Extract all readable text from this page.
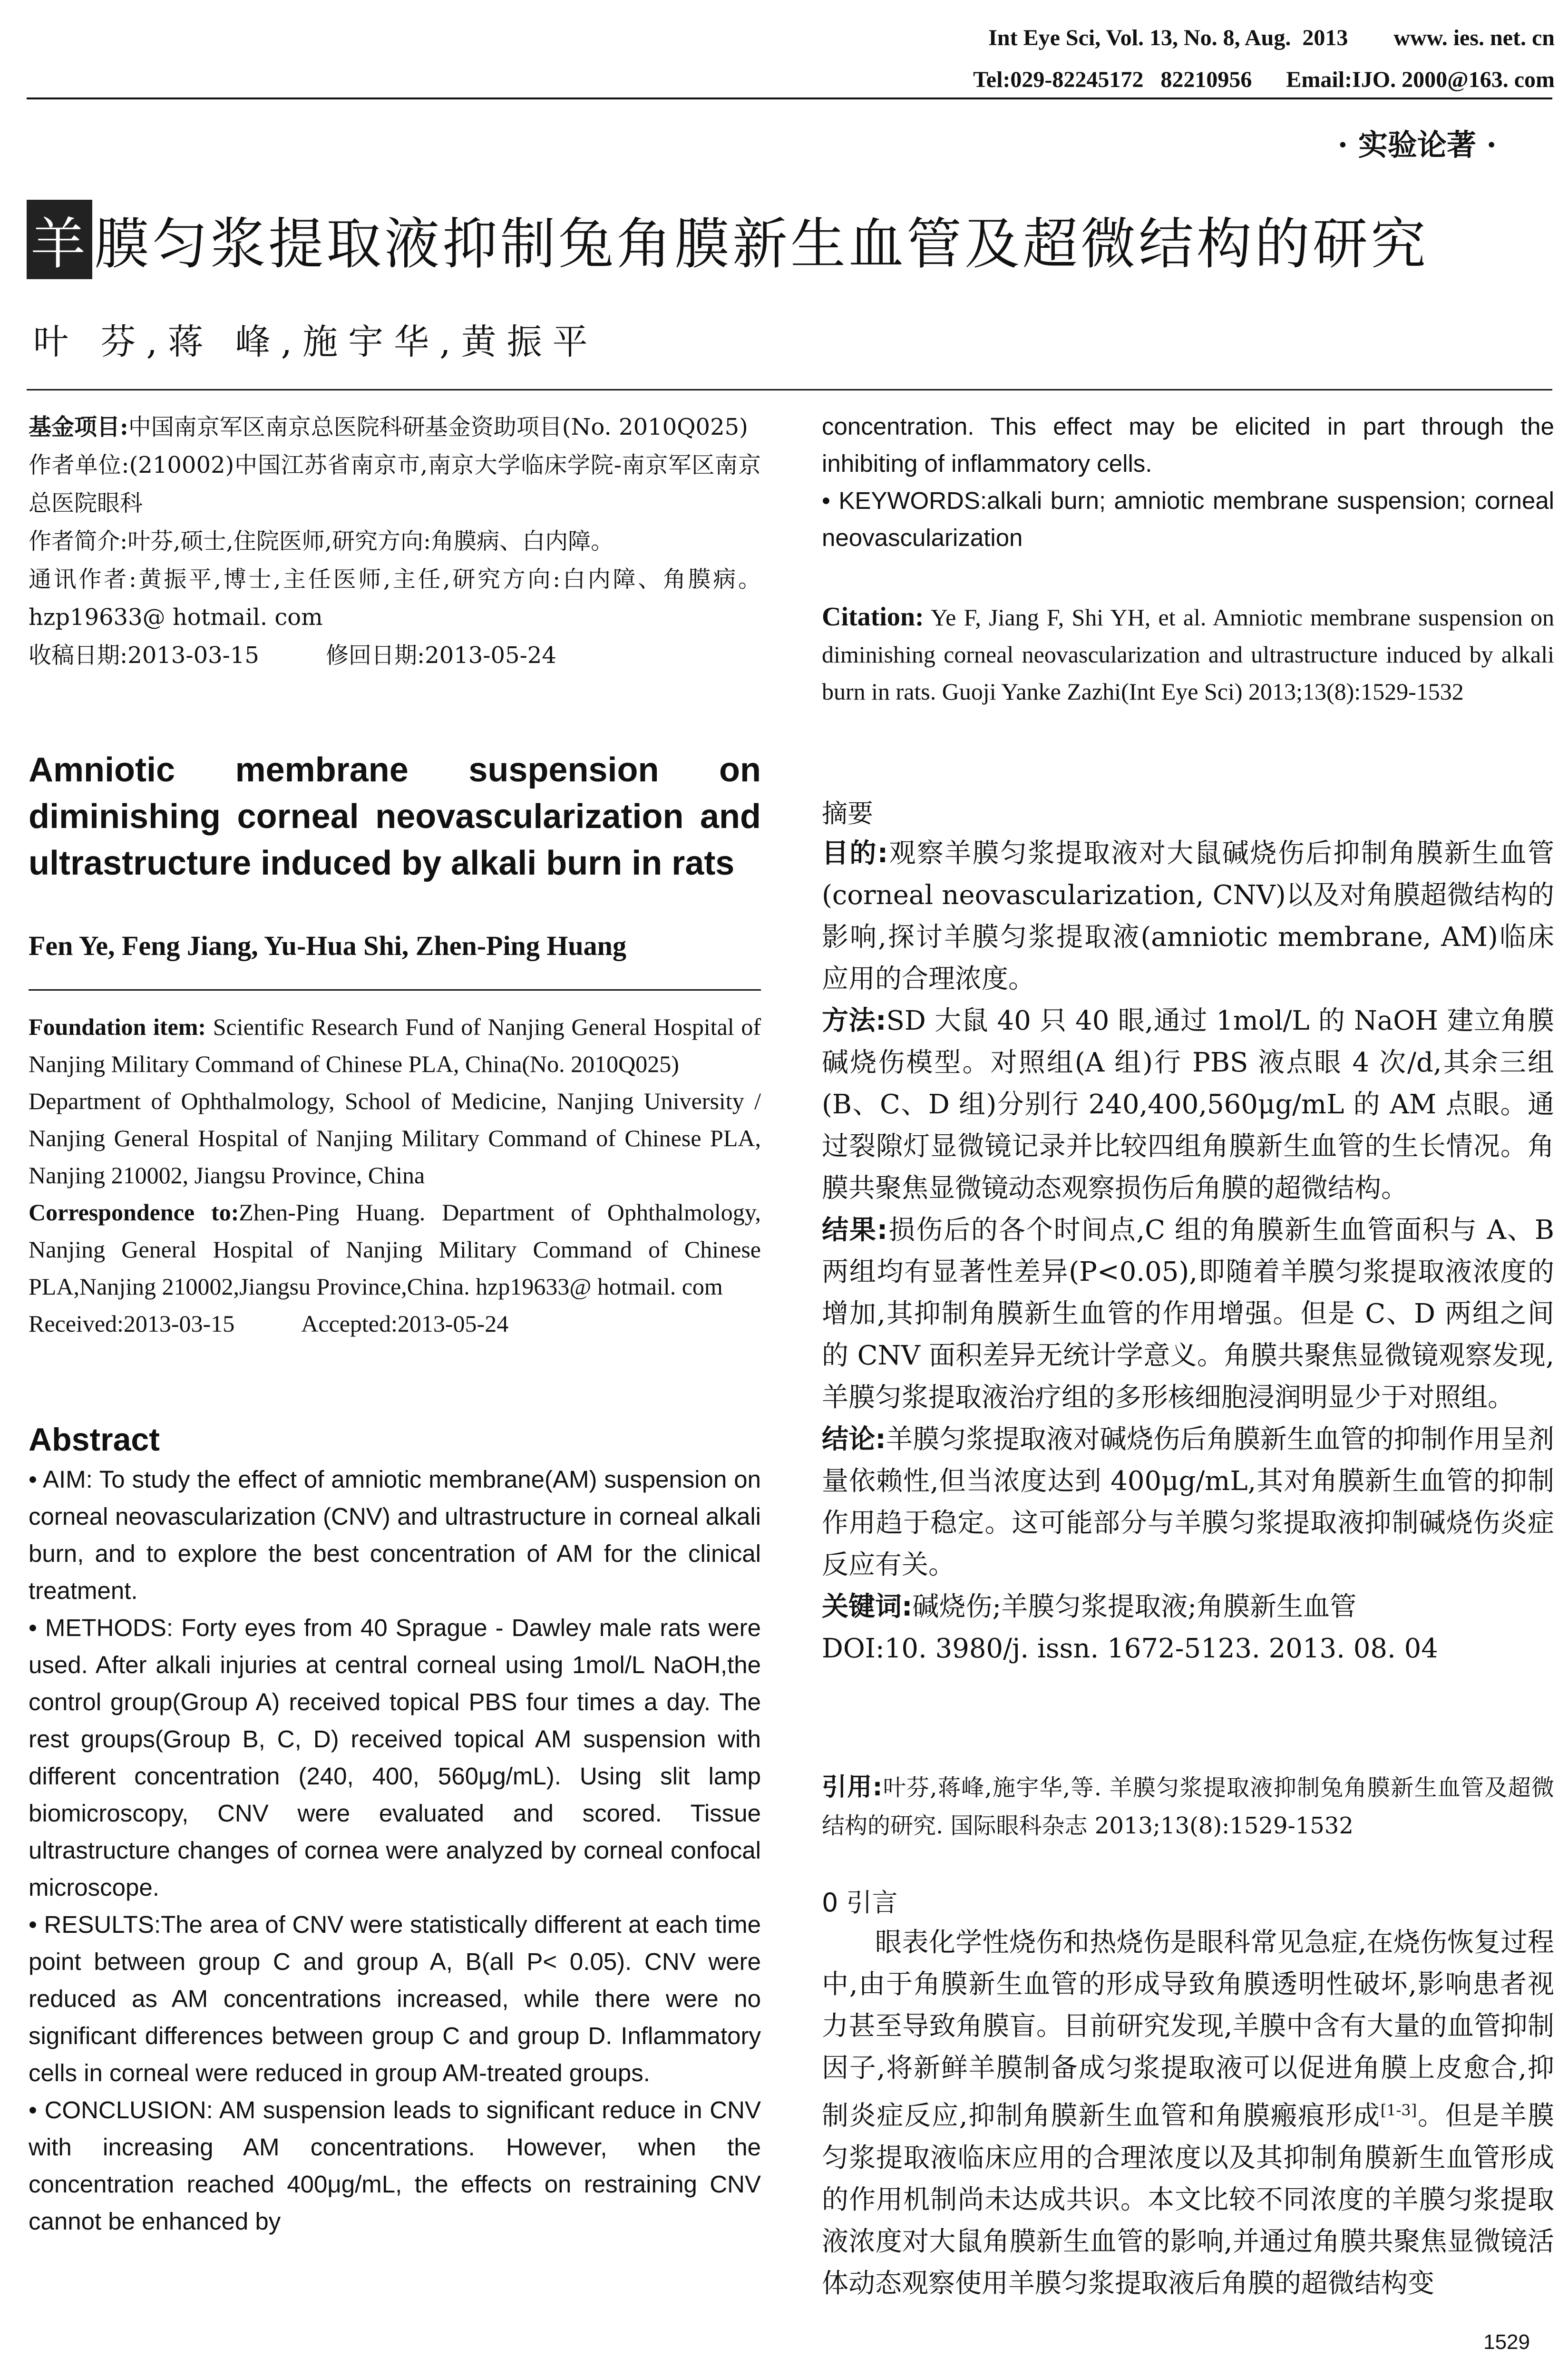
Int Eye Sci, Vol. 13, No. 8, Aug.  2013 www. ies. net. cn
Tel:029-82245172   82210956 Email:IJO. 2000@163. com
· 实验论著 ·
羊 膜匀浆提取液抑制兔角膜新生血管及超微结构的研究
叶 芬,蒋 峰,施宇华,黄振平

基金项目:中国南京军区南京总医院科研基金资助项目(No. 2010Q025)

作者单位:(210002)中国江苏省南京市,南京大学临床学院-南京军区南京总医院眼科

作者简介:叶芬,硕士,住院医师,研究方向:角膜病、白内障。

通讯作者:黄振平,博士,主任医师,主任,研究方向:白内障、角膜病。hzp19633@ hotmail. com

收稿日期:2013-03-15	修回日期:2013-05-24

Amniotic membrane suspension on diminishing corneal neovascularization and ultrastructure induced by alkali burn in rats

Fen Ye, Feng Jiang, Yu-Hua Shi, Zhen-Ping Huang

Foundation item: Scientific Research Fund of Nanjing General Hospital of Nanjing Military Command of Chinese PLA, China(No. 2010Q025)

Department of Ophthalmology, School of Medicine, Nanjing University / Nanjing General Hospital of Nanjing Military Command of Chinese PLA, Nanjing 210002, Jiangsu Province, China

Correspondence to:Zhen-Ping Huang. Department of Ophthalmology, Nanjing General Hospital of Nanjing Military Command of Chinese PLA,Nanjing 210002,Jiangsu Province,China. hzp19633@ hotmail. com

Received:2013-03-15	Accepted:2013-05-24

Abstract

• AIM: To study the effect of amniotic membrane(AM) suspension on corneal neovascularization (CNV) and ultrastructure in corneal alkali burn, and to explore the best concentration of AM for the clinical treatment.

• METHODS: Forty eyes from 40 Sprague - Dawley male rats were used. After alkali injuries at central corneal using 1mol/L NaOH,the control group(Group A) received topical PBS four times a day. The rest groups(Group B, C, D) received topical AM suspension with different concentration (240, 400, 560μg/mL). Using slit lamp biomicroscopy, CNV were evaluated and scored. Tissue ultrastructure changes of cornea were analyzed by corneal confocal microscope.

• RESULTS:The area of CNV were statistically different at each time point between group C and group A, B(all P< 0.05). CNV were reduced as AM concentrations increased, while there were no significant differences between group C and group D. Inflammatory cells in corneal were reduced in group AM-treated groups.

• CONCLUSION: AM suspension leads to significant reduce in CNV with increasing AM concentrations. However, when the concentration reached 400μg/mL, the effects on restraining CNV cannot be enhanced by

concentration. This effect may be elicited in part through the inhibiting of inflammatory cells.

• KEYWORDS:alkali burn; amniotic membrane suspension; corneal neovascularization

Citation: Ye F, Jiang F, Shi YH, et al. Amniotic membrane suspension on diminishing corneal neovascularization and ultrastructure induced by alkali burn in rats. Guoji Yanke Zazhi(Int Eye Sci) 2013;13(8):1529-1532

摘要

目的:观察羊膜匀浆提取液对大鼠碱烧伤后抑制角膜新生血管(corneal neovascularization, CNV)以及对角膜超微结构的影响,探讨羊膜匀浆提取液(amniotic membrane, AM)临床应用的合理浓度。

方法:SD 大鼠 40 只 40 眼,通过 1mol/L 的 NaOH 建立角膜碱烧伤模型。对照组(A 组)行 PBS 液点眼 4 次/d,其余三组(B、C、D 组)分别行 240,400,560μg/mL 的 AM 点眼。通过裂隙灯显微镜记录并比较四组角膜新生血管的生长情况。角膜共聚焦显微镜动态观察损伤后角膜的超微结构。

结果:损伤后的各个时间点,C 组的角膜新生血管面积与 A、B 两组均有显著性差异(P<0.05),即随着羊膜匀浆提取液浓度的增加,其抑制角膜新生血管的作用增强。但是 C、D 两组之间的 CNV 面积差异无统计学意义。角膜共聚焦显微镜观察发现,羊膜匀浆提取液治疗组的多形核细胞浸润明显少于对照组。

结论:羊膜匀浆提取液对碱烧伤后角膜新生血管的抑制作用呈剂量依赖性,但当浓度达到 400μg/mL,其对角膜新生血管的抑制作用趋于稳定。这可能部分与羊膜匀浆提取液抑制碱烧伤炎症反应有关。

关键词:碱烧伤;羊膜匀浆提取液;角膜新生血管

DOI:10. 3980/j. issn. 1672-5123. 2013. 08. 04

引用:叶芬,蒋峰,施宇华,等. 羊膜匀浆提取液抑制兔角膜新生血管及超微结构的研究. 国际眼科杂志 2013;13(8):1529-1532

0 引言

眼表化学性烧伤和热烧伤是眼科常见急症,在烧伤恢复过程中,由于角膜新生血管的形成导致角膜透明性破坏,影响患者视力甚至导致角膜盲。目前研究发现,羊膜中含有大量的血管抑制因子,将新鲜羊膜制备成匀浆提取液可以促进角膜上皮愈合,抑制炎症反应,抑制角膜新生血管和角膜瘢痕形成[1-3]。但是羊膜匀浆提取液临床应用的合理浓度以及其抑制角膜新生血管形成的作用机制尚未达成共识。本文比较不同浓度的羊膜匀浆提取液浓度对大鼠角膜新生血管的影响,并通过角膜共聚焦显微镜活体动态观察使用羊膜匀浆提取液后角膜的超微结构变

1529
